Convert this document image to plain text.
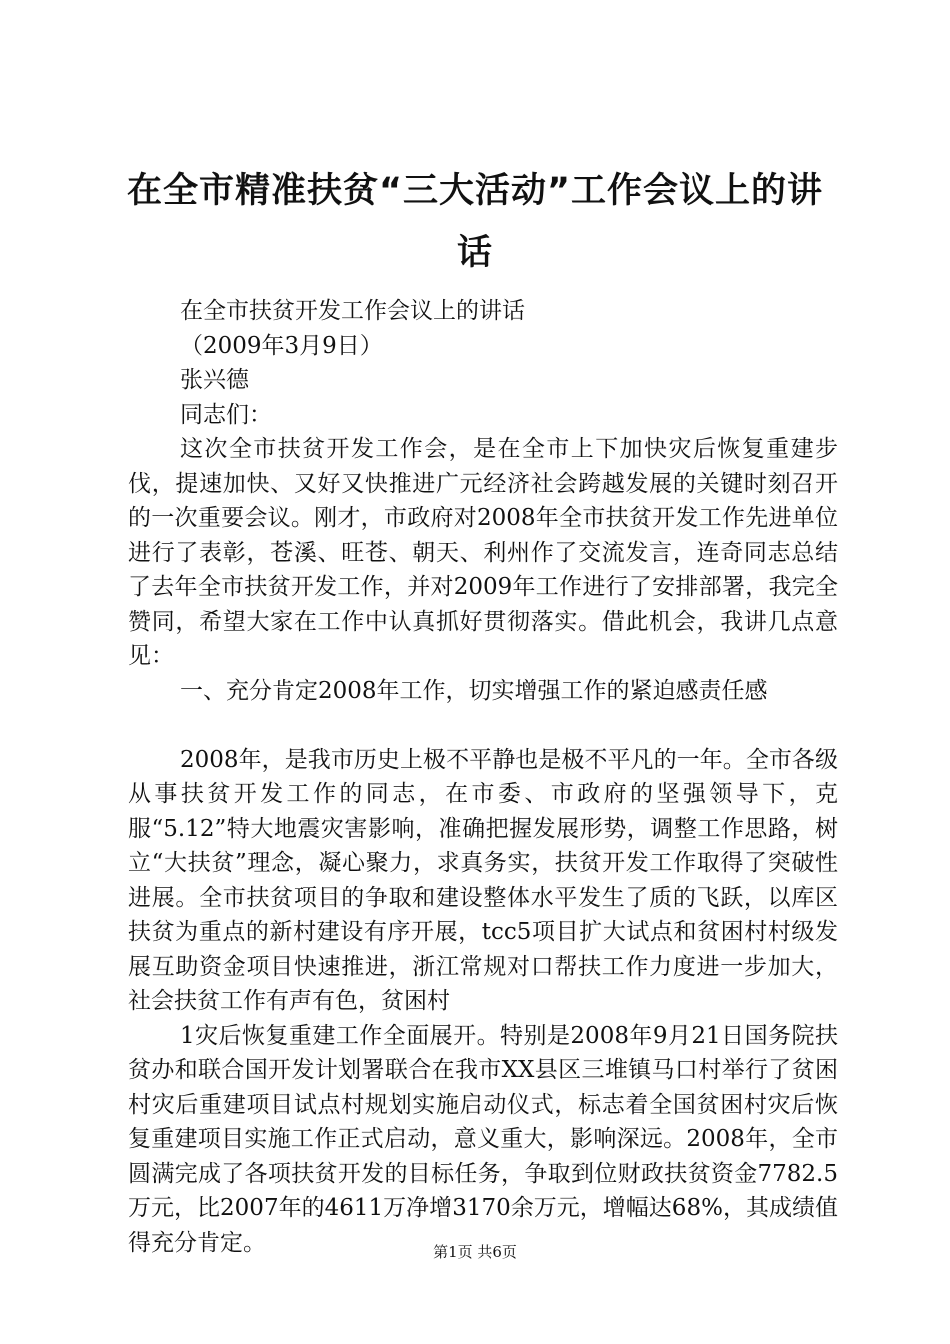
在全市精准扶贫“三大活动”工作会议上的讲话

在全市扶贫开发工作会议上的讲话

（2009年3月9日）

张兴德

同志们：

这次全市扶贫开发工作会，是在全市上下加快灾后恢复重建步伐，提速加快、又好又快推进广元经济社会跨越发展的关键时刻召开的一次重要会议。刚才，市政府对2008年全市扶贫开发工作先进单位进行了表彰，苍溪、旺苍、朝天、利州作了交流发言，连奇同志总结了去年全市扶贫开发工作，并对2009年工作进行了安排部署，我完全赞同，希望大家在工作中认真抓好贯彻落实。借此机会，我讲几点意见：

一、充分肯定2008年工作，切实增强工作的紧迫感责任感

2008年，是我市历史上极不平静也是极不平凡的一年。全市各级从事扶贫开发工作的同志，在市委、市政府的坚强领导下，克服“5.12”特大地震灾害影响，准确把握发展形势，调整工作思路，树立“大扶贫”理念，凝心聚力，求真务实，扶贫开发工作取得了突破性进展。全市扶贫项目的争取和建设整体水平发生了质的飞跃，以库区扶贫为重点的新村建设有序开展，tcc5项目扩大试点和贫困村村级发展互助资金项目快速推进，浙江常规对口帮扶工作力度进一步加大，社会扶贫工作有声有色，贫困村

1灾后恢复重建工作全面展开。特别是2008年9月21日国务院扶贫办和联合国开发计划署联合在我市XX县区三堆镇马口村举行了贫困村灾后重建项目试点村规划实施启动仪式，标志着全国贫困村灾后恢复重建项目实施工作正式启动，意义重大，影响深远。2008年，全市圆满完成了各项扶贫开发的目标任务，争取到位财政扶贫资金7782.5万元，比2007年的4611万净增3170余万元，增幅达68%，其成绩值得充分肯定。	第1页 共6页
